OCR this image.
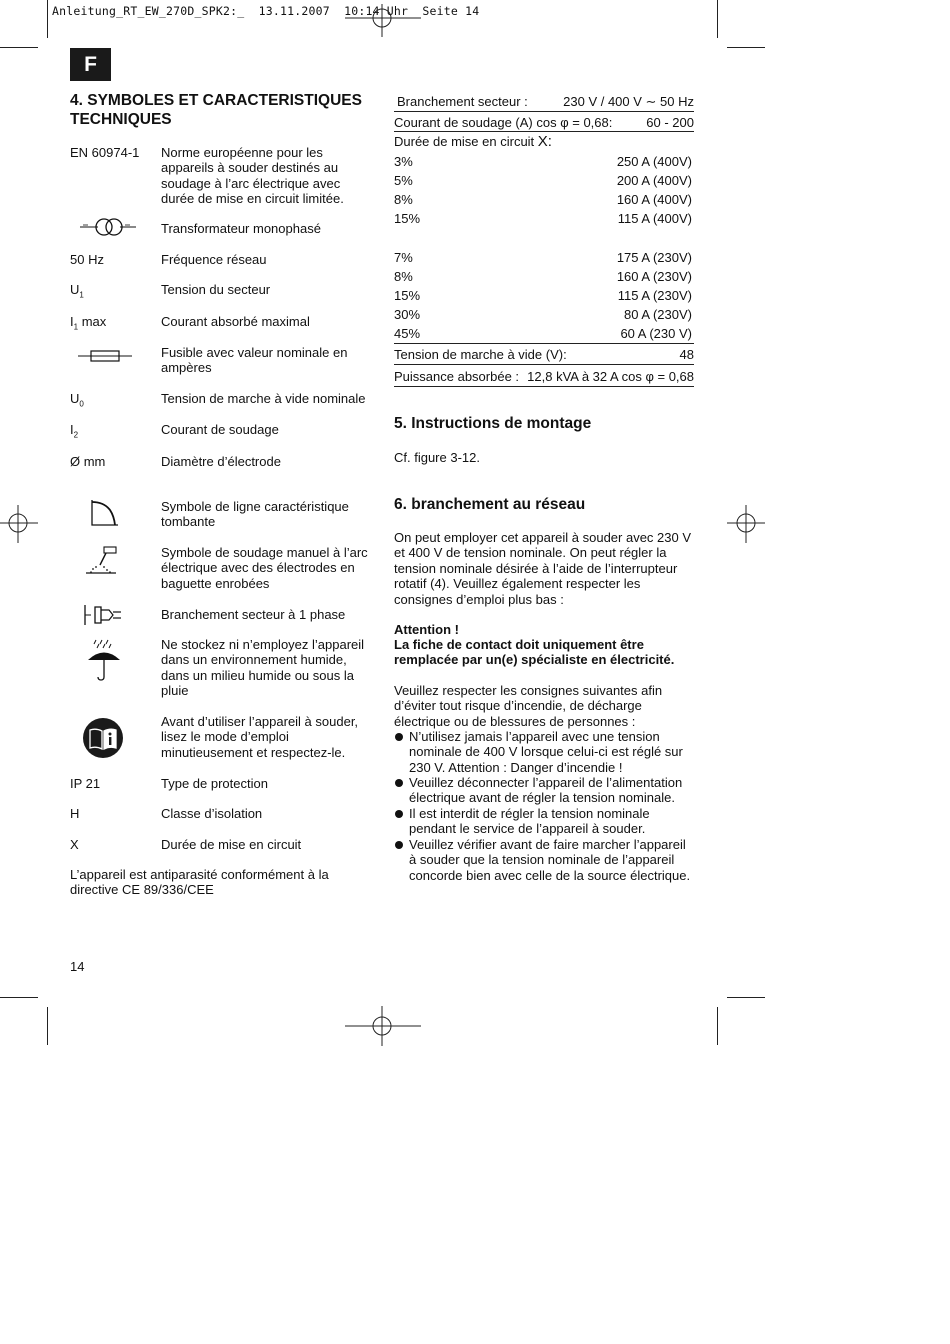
Anleitung_RT_EW_270D_SPK2:_  13.11.2007  10:14 Uhr  Seite 14
F
4. SYMBOLES ET CARACTERISTIQUES TECHNIQUES
EN 60974-1	Norme européenne pour les appareils à souder destinés au soudage à l’arc électrique avec durée de mise en circuit limitée.
Transformateur monophasé
50 Hz	Fréquence réseau
$U_1$	Tension du secteur
$I_1$ max	Courant absorbé maximal
Fusible avec valeur nominale en ampères
$U_0$	Tension de marche à vide nominale
$I_2$	Courant de soudage
Ø mm	Diamètre d’électrode
Symbole de ligne caractéristique tombante
Symbole de soudage manuel à l’arc électrique avec des électrodes en baguette enrobées
Branchement secteur à 1 phase
Ne stockez ni n’employez l’appareil dans un environnement humide, dans un milieu humide ou sous la pluie
Avant d’utiliser l’appareil à souder, lisez le mode d’emploi minutieusement et respectez-le.
IP 21	Type de protection
H	Classe d’isolation
X	Durée de mise en circuit
L’appareil est antiparasité conformément à la directive CE 89/336/CEE
Branchement secteur :	230 V / 400 V ∼ 50 Hz
Courant de soudage (A) cos φ = 0,68:	60 - 200
Durée de mise en circuit X:
3%	250 A (400V)
5%	200 A (400V)
8%	160 A (400V)
15%	115 A (400V)
7%	175 A (230V)
8%	160 A (230V)
15%	115 A (230V)
30%	80 A (230V)
45%	60 A (230 V)
Tension de marche à vide (V):	48
Puissance absorbée : 12,8 kVA à 32 A cos φ = 0,68
5. Instructions de montage
Cf. figure 3-12.
6. branchement au réseau
On peut employer cet appareil à souder avec 230 V et 400 V de tension nominale. On peut régler la tension nominale désirée à l’aide de l’interrupteur rotatif (4). Veuillez également respecter les consignes d’emploi plus bas :
Attention !
La fiche de contact doit uniquement être remplacée par un(e) spécialiste en électricité.
Veuillez respecter les consignes suivantes afin d’éviter tout risque d’incendie, de décharge électrique ou de blessures de personnes :
N’utilisez jamais l’appareil avec une tension nominale de 400 V lorsque celui-ci est réglé sur 230 V. Attention : Danger d’incendie !
Veuillez déconnecter l’appareil de l’alimentation électrique avant de régler la tension nominale.
Il est interdit de régler la tension nominale pendant le service de l’appareil à souder.
Veuillez vérifier avant de faire marcher l’appareil à souder que la tension nominale de l’appareil concorde bien avec celle de la source électrique.
14
